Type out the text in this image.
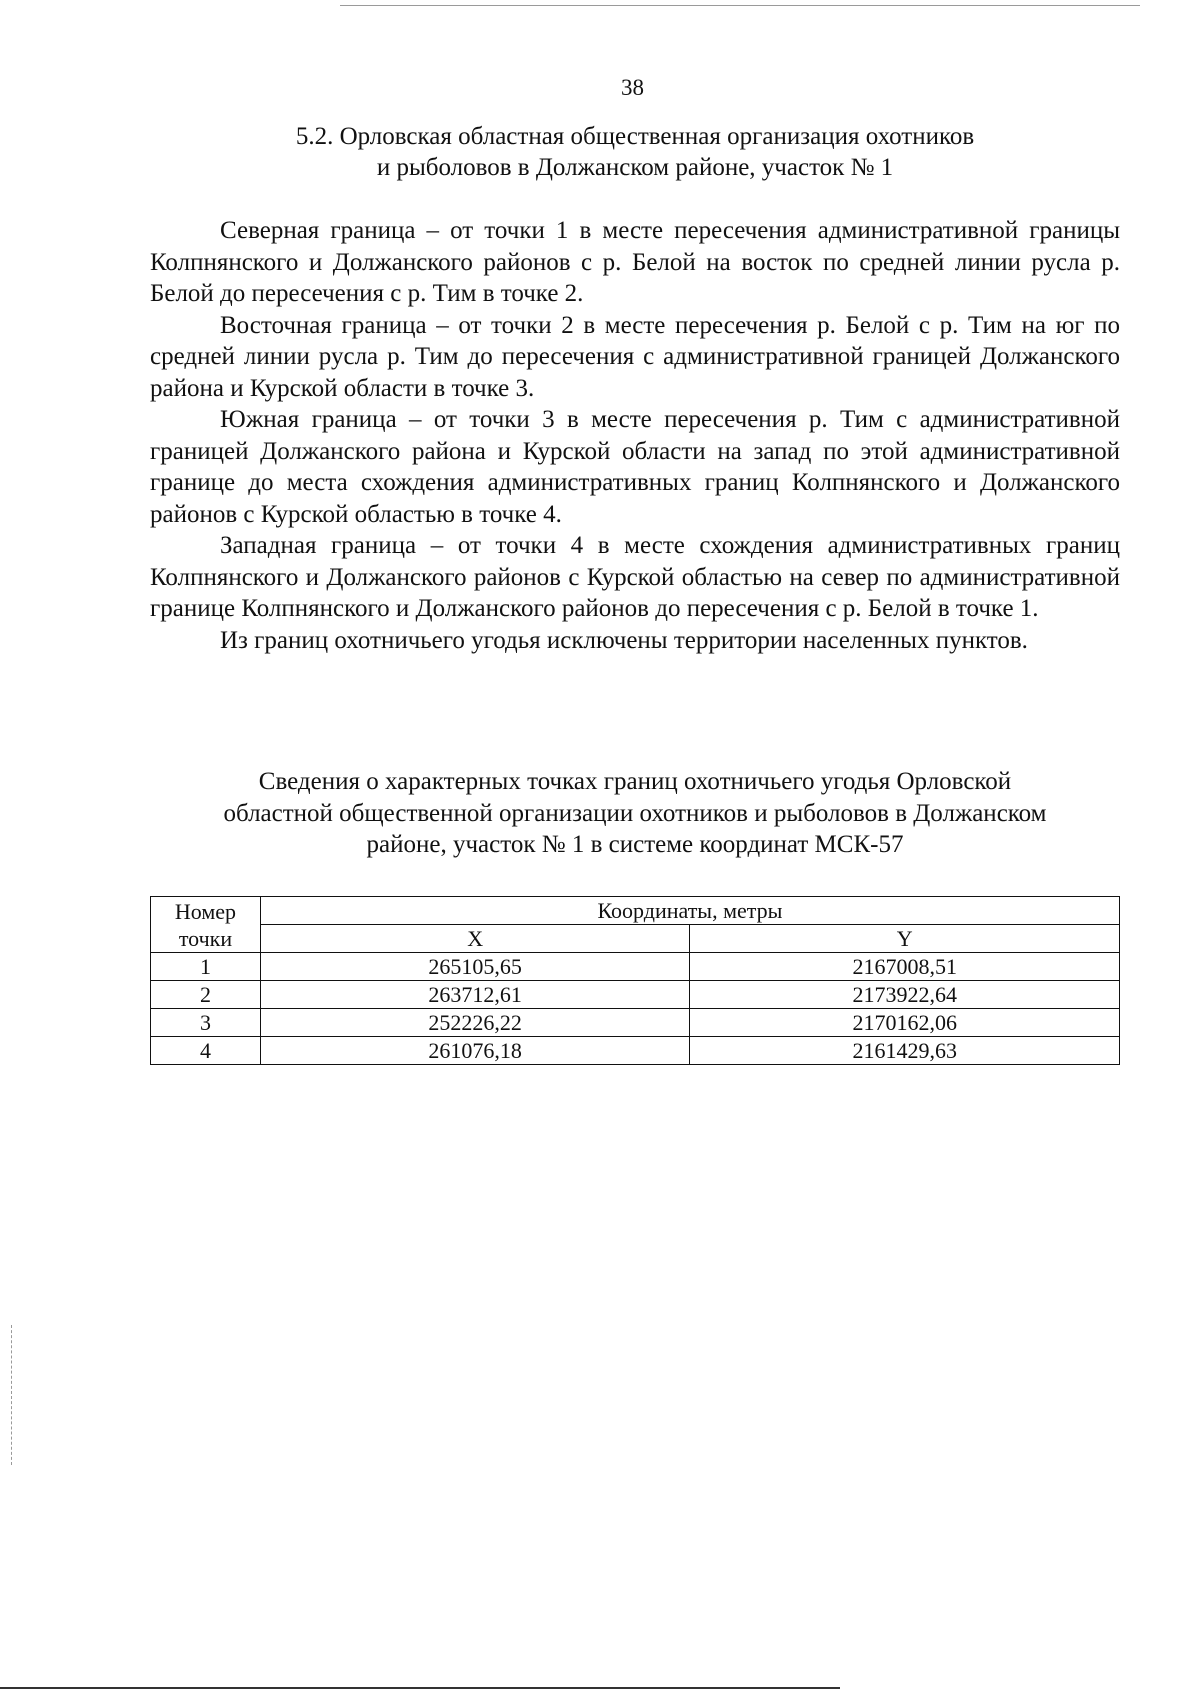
38
5.2. Орловская областная общественная организация охотников
и рыболовов в Должанском районе, участок № 1

Северная граница – от точки 1 в месте пересечения административной границы Колпнянского и Должанского районов с р. Белой на восток по средней линии русла р. Белой до пересечения с р. Тим в точке 2.

Восточная граница – от точки 2 в месте пересечения р. Белой с р. Тим на юг по средней линии русла р. Тим до пересечения с административной границей Должанского района и Курской области в точке 3.

Южная граница – от точки 3 в месте пересечения р. Тим с административной границей Должанского района и Курской области на запад по этой административной границе до места схождения административных границ Колпнянского и Должанского районов с Курской областью в точке 4.

Западная граница – от точки 4 в месте схождения административных границ Колпнянского и Должанского районов с Курской областью на север по административной границе Колпнянского и Должанского районов до пересечения с р. Белой в точке 1.

Из границ охотничьего угодья исключены территории населенных пунктов.

Сведения о характерных точках границ охотничьего угодья Орловской
областной общественной организации охотников и рыболовов в Должанском
районе, участок № 1 в системе координат МСК-57
Номер
точки	Координаты, метры	
	X	Y
1	265105,65	2167008,51
2	263712,61	2173922,64
3	252226,22	2170162,06
4	261076,18	2161429,63
